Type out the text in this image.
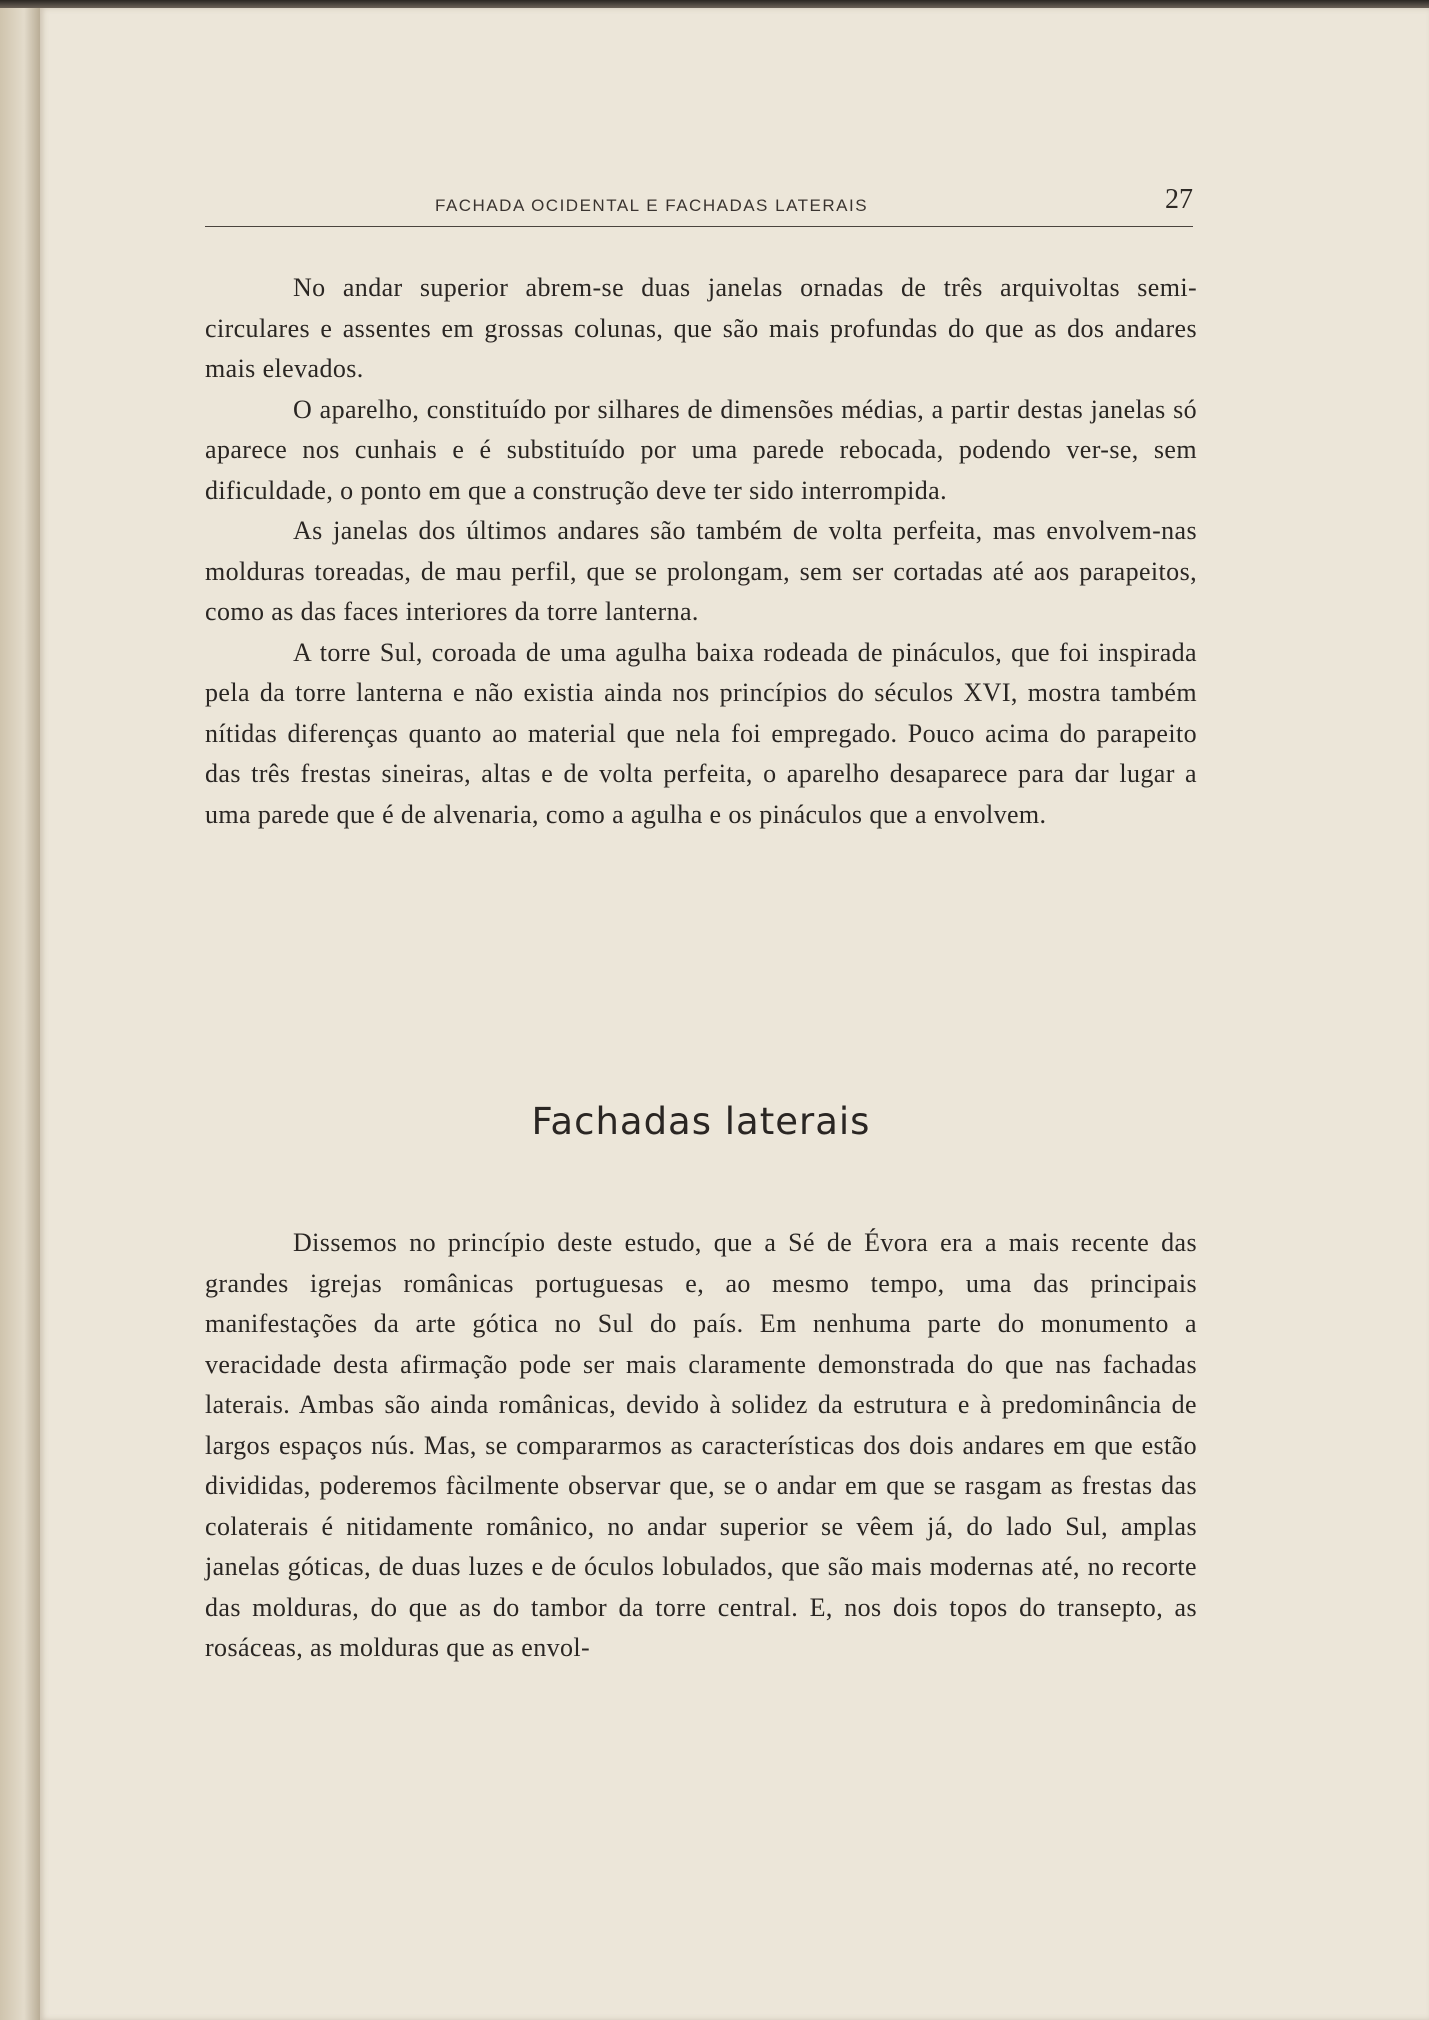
FACHADA OCIDENTAL E FACHADAS LATERAIS	27

No andar superior abrem-se duas janelas ornadas de três arquivoltas semi-circulares e assentes em grossas colunas, que são mais profundas do que as dos andares mais elevados.

O aparelho, constituído por silhares de dimensões médias, a partir destas janelas só aparece nos cunhais e é substituído por uma parede rebocada, podendo ver-se, sem dificuldade, o ponto em que a construção deve ter sido interrompida.

As janelas dos últimos andares são também de volta perfeita, mas envolvem-nas molduras toreadas, de mau perfil, que se prolongam, sem ser cortadas até aos parapeitos, como as das faces interiores da torre lanterna.

A torre Sul, coroada de uma agulha baixa rodeada de pináculos, que foi inspirada pela da torre lanterna e não existia ainda nos princípios do séculos XVI, mostra também nítidas diferenças quanto ao material que nela foi empregado. Pouco acima do parapeito das três frestas sineiras, altas e de volta perfeita, o aparelho desaparece para dar lugar a uma parede que é de alvenaria, como a agulha e os pináculos que a envolvem.

Fachadas laterais

Dissemos no princípio deste estudo, que a Sé de Évora era a mais recente das grandes igrejas românicas portuguesas e, ao mesmo tempo, uma das principais manifestações da arte gótica no Sul do país. Em nenhuma parte do monumento a veracidade desta afirmação pode ser mais claramente demonstrada do que nas fachadas laterais. Ambas são ainda românicas, devido à solidez da estrutura e à predominância de largos espaços nús. Mas, se compararmos as características dos dois andares em que estão divididas, poderemos fàcilmente observar que, se o andar em que se rasgam as frestas das colaterais é nitidamente românico, no andar superior se vêem já, do lado Sul, amplas janelas góticas, de duas luzes e de óculos lobulados, que são mais modernas até, no recorte das molduras, do que as do tambor da torre central. E, nos dois topos do transepto, as rosáceas, as molduras que as envol-
